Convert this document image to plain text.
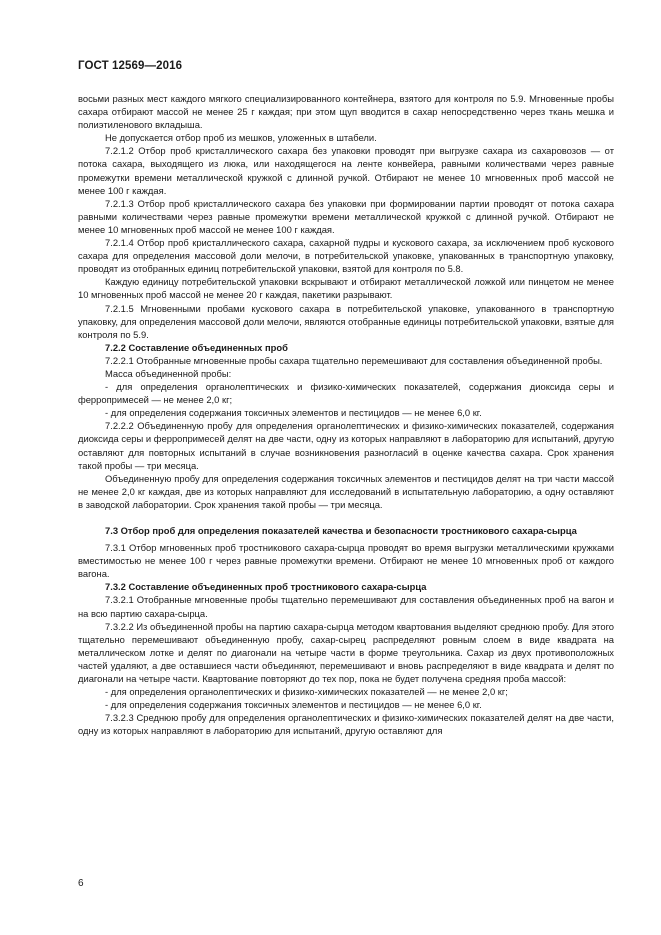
ГОСТ 12569—2016

восьми разных мест каждого мягкого специализированного контейнера, взятого для контроля по 5.9. Мгновенные пробы сахара отбирают массой не менее 25 г каждая; при этом щуп вводится в сахар непосредственно через ткань мешка и полиэтиленового вкладыша.

Не допускается отбор проб из мешков, уложенных в штабели.

7.2.1.2 Отбор проб кристаллического сахара без упаковки проводят при выгрузке сахара из сахаровозов — от потока сахара, выходящего из люка, или находящегося на ленте конвейера, равными количествами через равные промежутки времени металлической кружкой с длинной ручкой. Отбирают не менее 10 мгновенных проб массой не менее 100 г каждая.

7.2.1.3 Отбор проб кристаллического сахара без упаковки при формировании партии проводят от потока сахара равными количествами через равные промежутки времени металлической кружкой с длинной ручкой. Отбирают не менее 10 мгновенных проб массой не менее 100 г каждая.

7.2.1.4 Отбор проб кристаллического сахара, сахарной пудры и кускового сахара, за исключением проб кускового сахара для определения массовой доли мелочи, в потребительской упаковке, упакованных в транспортную упаковку, проводят из отобранных единиц потребительской упаковки, взятой для контроля по 5.8.

Каждую единицу потребительской упаковки вскрывают и отбирают металлической ложкой или пинцетом не менее 10 мгновенных проб массой не менее 20 г каждая, пакетики разрывают.

7.2.1.5 Мгновенными пробами кускового сахара в потребительской упаковке, упакованного в транспортную упаковку, для определения массовой доли мелочи, являются отобранные единицы потребительской упаковки, взятые для контроля по 5.9.

7.2.2 Составление объединенных проб

7.2.2.1 Отобранные мгновенные пробы сахара тщательно перемешивают для составления объединенной пробы.

Масса объединенной пробы:

- для определения органолептических и физико-химических показателей, содержания диоксида серы и ферропримесей — не менее 2,0 кг;

- для определения содержания токсичных элементов и пестицидов — не менее 6,0 кг.

7.2.2.2 Объединенную пробу для определения органолептических и физико-химических показателей, содержания диоксида серы и ферропримесей делят на две части, одну из которых направляют в лабораторию для испытаний, другую оставляют для повторных испытаний в случае возникновения разногласий в оценке качества сахара. Срок хранения такой пробы — три месяца.

Объединенную пробу для определения содержания токсичных элементов и пестицидов делят на три части массой не менее 2,0 кг каждая, две из которых направляют для исследований в испытательную лабораторию, а одну оставляют в заводской лаборатории. Срок хранения такой пробы — три месяца.

7.3 Отбор проб для определения показателей качества и безопасности тростникового сахара-сырца

7.3.1 Отбор мгновенных проб тростникового сахара-сырца проводят во время выгрузки металлическими кружками вместимостью не менее 100 г через равные промежутки времени. Отбирают не менее 10 мгновенных проб от каждого вагона.

7.3.2 Составление объединенных проб тростникового сахара-сырца

7.3.2.1 Отобранные мгновенные пробы тщательно перемешивают для составления объединенных проб на вагон и на всю партию сахара-сырца.

7.3.2.2 Из объединенной пробы на партию сахара-сырца методом квартования выделяют среднюю пробу. Для этого тщательно перемешивают объединенную пробу, сахар-сырец распределяют ровным слоем в виде квадрата на металлическом лотке и делят по диагонали на четыре части в форме треугольника. Сахар из двух противоположных частей удаляют, а две оставшиеся части объединяют, перемешивают и вновь распределяют в виде квадрата и делят по диагонали на четыре части. Квартование повторяют до тех пор, пока не будет получена средняя проба массой:

- для определения органолептических и физико-химических показателей — не менее 2,0 кг;

- для определения содержания токсичных элементов и пестицидов — не менее 6,0 кг.

7.3.2.3 Среднюю пробу для определения органолептических и физико-химических показателей делят на две части, одну из которых направляют в лабораторию для испытаний, другую оставляют для

6
